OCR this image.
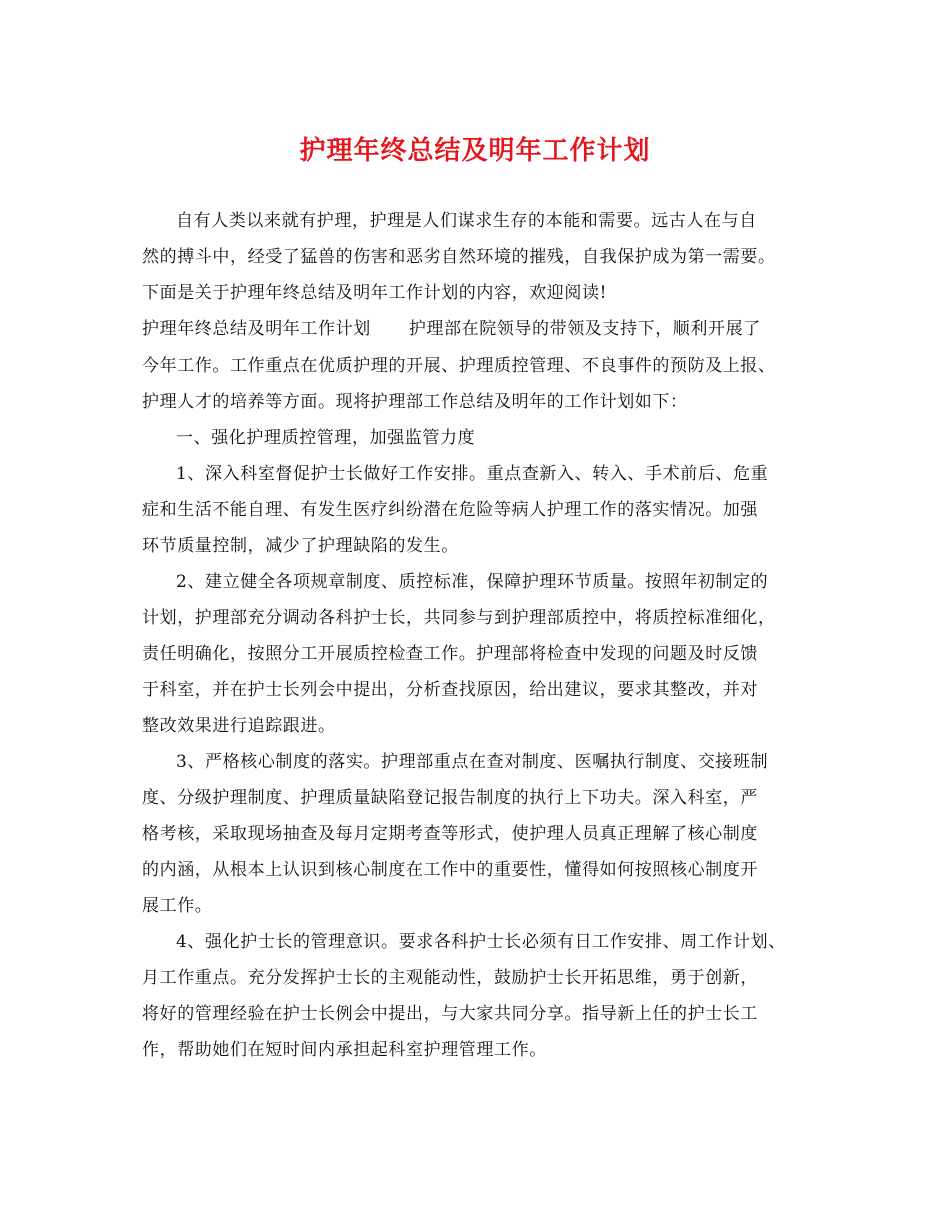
护理年终总结及明年工作计划
自有人类以来就有护理，护理是人们谋求生存的本能和需要。远古人在与自
然的搏斗中，经受了猛兽的伤害和恶劣自然环境的摧残，自我保护成为第一需要。
下面是关于护理年终总结及明年工作计划的内容，欢迎阅读!
护理年终总结及明年工作计划 护理部在院领导的带领及支持下，顺利开展了
今年工作。工作重点在优质护理的开展、护理质控管理、不良事件的预防及上报、
护理人才的培养等方面。现将护理部工作总结及明年的工作计划如下：
一、强化护理质控管理，加强监管力度
1、深入科室督促护士长做好工作安排。重点查新入、转入、手术前后、危重
症和生活不能自理、有发生医疗纠纷潜在危险等病人护理工作的落实情况。加强
环节质量控制，减少了护理缺陷的发生。
2、建立健全各项规章制度、质控标准，保障护理环节质量。按照年初制定的
计划，护理部充分调动各科护士长，共同参与到护理部质控中，将质控标准细化，
责任明确化，按照分工开展质控检查工作。护理部将检查中发现的问题及时反馈
于科室，并在护士长列会中提出，分析查找原因，给出建议，要求其整改，并对
整改效果进行追踪跟进。
3、严格核心制度的落实。护理部重点在查对制度、医嘱执行制度、交接班制
度、分级护理制度、护理质量缺陷登记报告制度的执行上下功夫。深入科室，严
格考核，采取现场抽查及每月定期考查等形式，使护理人员真正理解了核心制度
的内涵，从根本上认识到核心制度在工作中的重要性，懂得如何按照核心制度开
展工作。
4、强化护士长的管理意识。要求各科护士长必须有日工作安排、周工作计划、
月工作重点。充分发挥护士长的主观能动性，鼓励护士长开拓思维，勇于创新，
将好的管理经验在护士长例会中提出，与大家共同分享。指导新上任的护士长工
作，帮助她们在短时间内承担起科室护理管理工作。
